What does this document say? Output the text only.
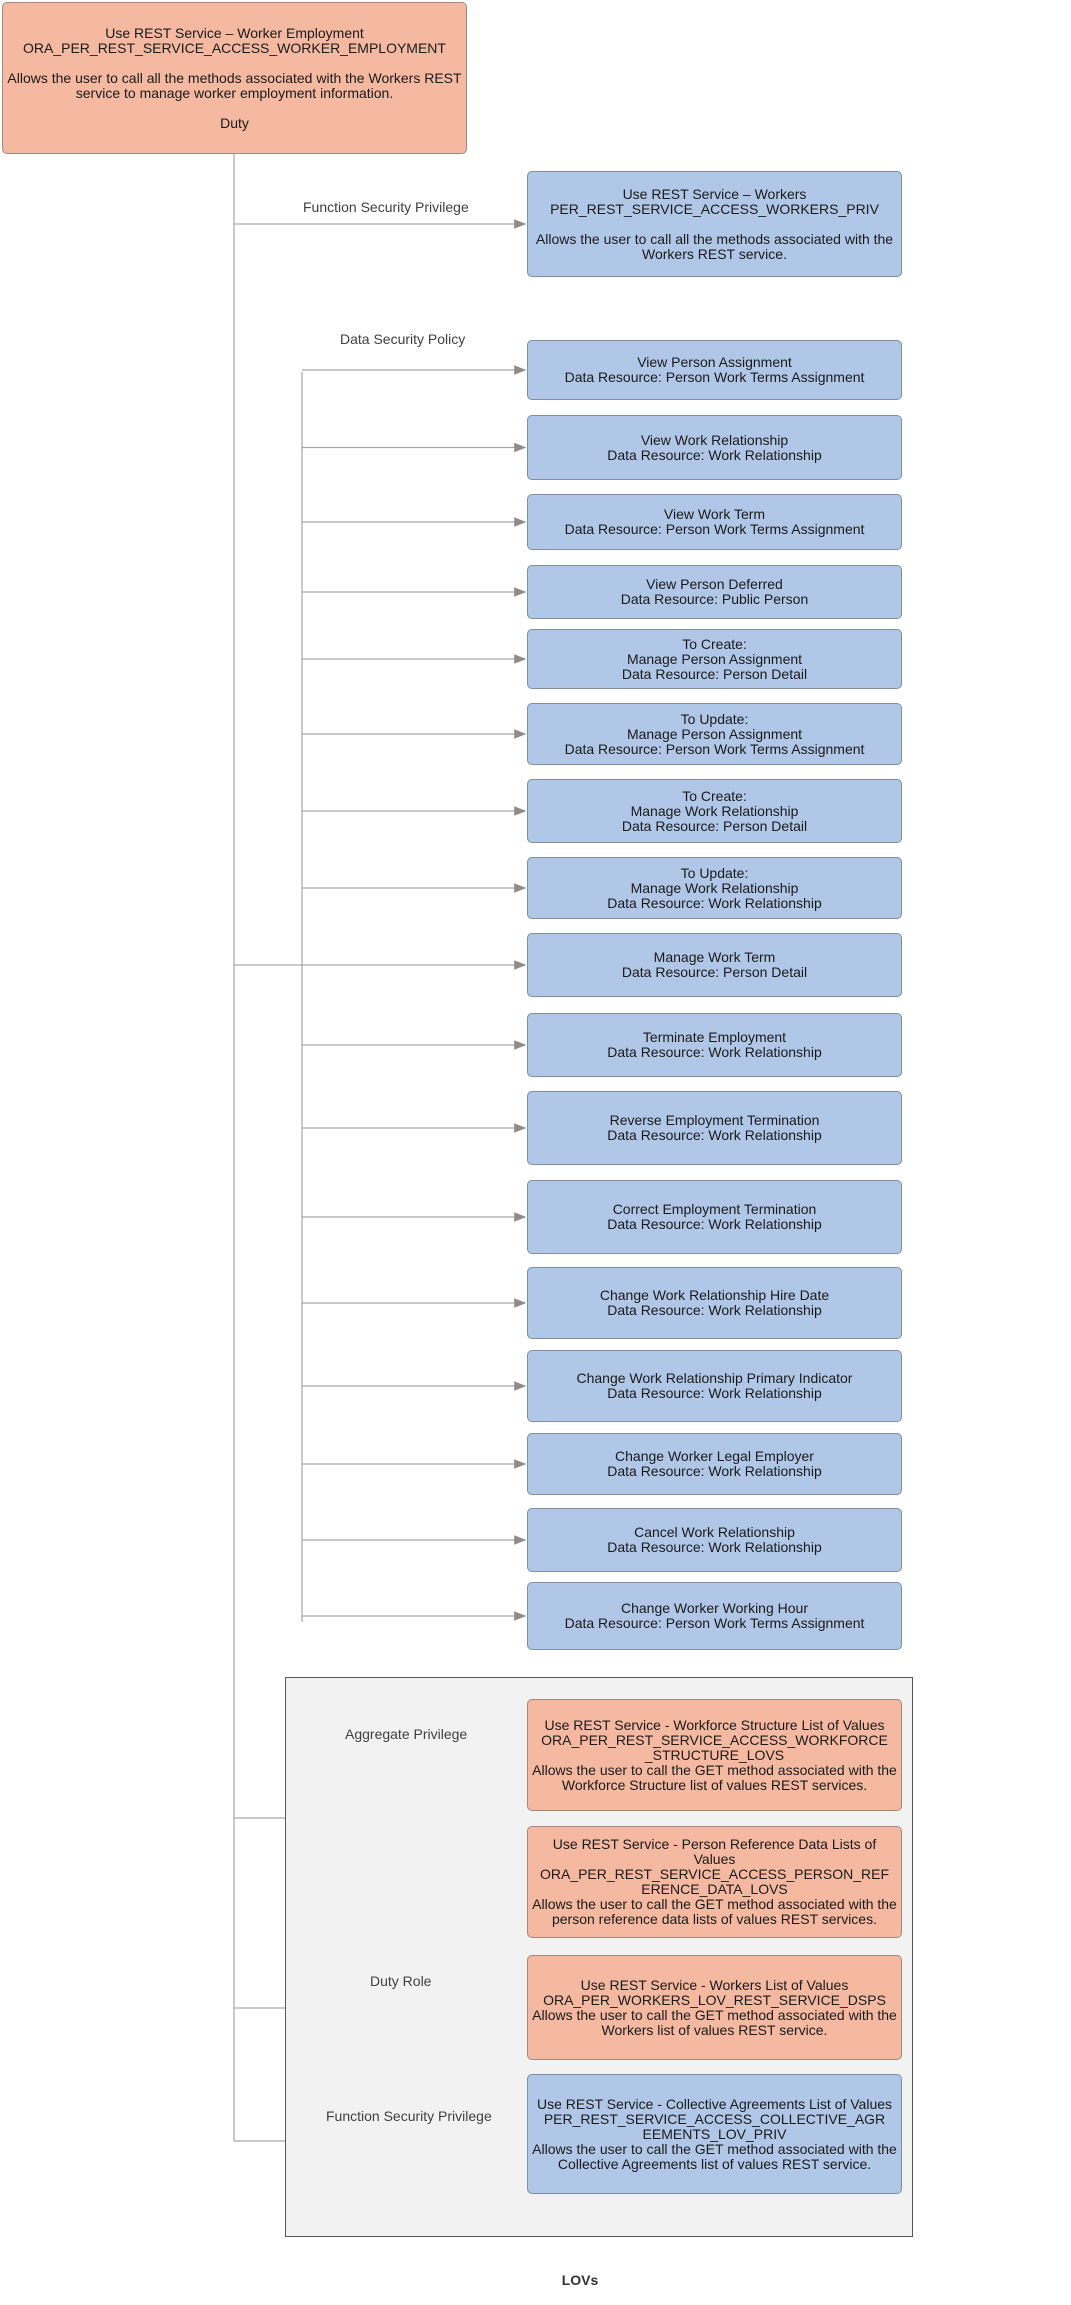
Use REST Service – Worker Employment
ORA_PER_REST_SERVICE_ACCESS_WORKER_EMPLOYMENT
Allows the user to call all the methods associated with the Workers REST service to manage worker employment information.
Duty
Function Security Privilege
Use REST Service – Workers
PER_REST_SERVICE_ACCESS_WORKERS_PRIV
Allows the user to call all the methods associated with the Workers REST service.
Data Security Policy
View Person Assignment
Data Resource: Person Work Terms Assignment
View Work Relationship
Data Resource: Work Relationship
View Work Term
Data Resource: Person Work Terms Assignment
View Person Deferred
Data Resource: Public Person
To Create:
Manage Person Assignment
Data Resource: Person Detail
To Update:
Manage Person Assignment
Data Resource: Person Work Terms Assignment
To Create:
Manage Work Relationship
Data Resource: Person Detail
To Update:
Manage Work Relationship
Data Resource: Work Relationship
Manage Work Term
Data Resource: Person Detail
Terminate Employment
Data Resource: Work Relationship
Reverse Employment Termination
Data Resource: Work Relationship
Correct Employment Termination
Data Resource: Work Relationship
Change Work Relationship Hire Date
Data Resource: Work Relationship
Change Work Relationship Primary Indicator
Data Resource: Work Relationship
Change Worker Legal Employer
Data Resource: Work Relationship
Cancel Work Relationship
Data Resource: Work Relationship
Change Worker Working Hour
Data Resource: Person Work Terms Assignment
Aggregate Privilege
Use REST Service - Workforce Structure List of Values
ORA_PER_REST_SERVICE_ACCESS_WORKFORCE
_STRUCTURE_LOVS
Allows the user to call the GET method associated with the Workforce Structure list of values REST services.
Use REST Service - Person Reference Data Lists of Values
ORA_PER_REST_SERVICE_ACCESS_PERSON_REF
ERENCE_DATA_LOVS
Allows the user to call the GET method associated with the person reference data lists of values REST services.
Duty Role	Use REST Service - Workers List of Values
ORA_PER_WORKERS_LOV_REST_SERVICE_DSPS
Allows the user to call the GET method associated with the Workers list of values REST service.
Function Security Privilege
Use REST Service - Collective Agreements List of Values
PER_REST_SERVICE_ACCESS_COLLECTIVE_AGR
EEMENTS_LOV_PRIV
Allows the user to call the GET method associated with the Collective Agreements list of values REST service.
LOVs
